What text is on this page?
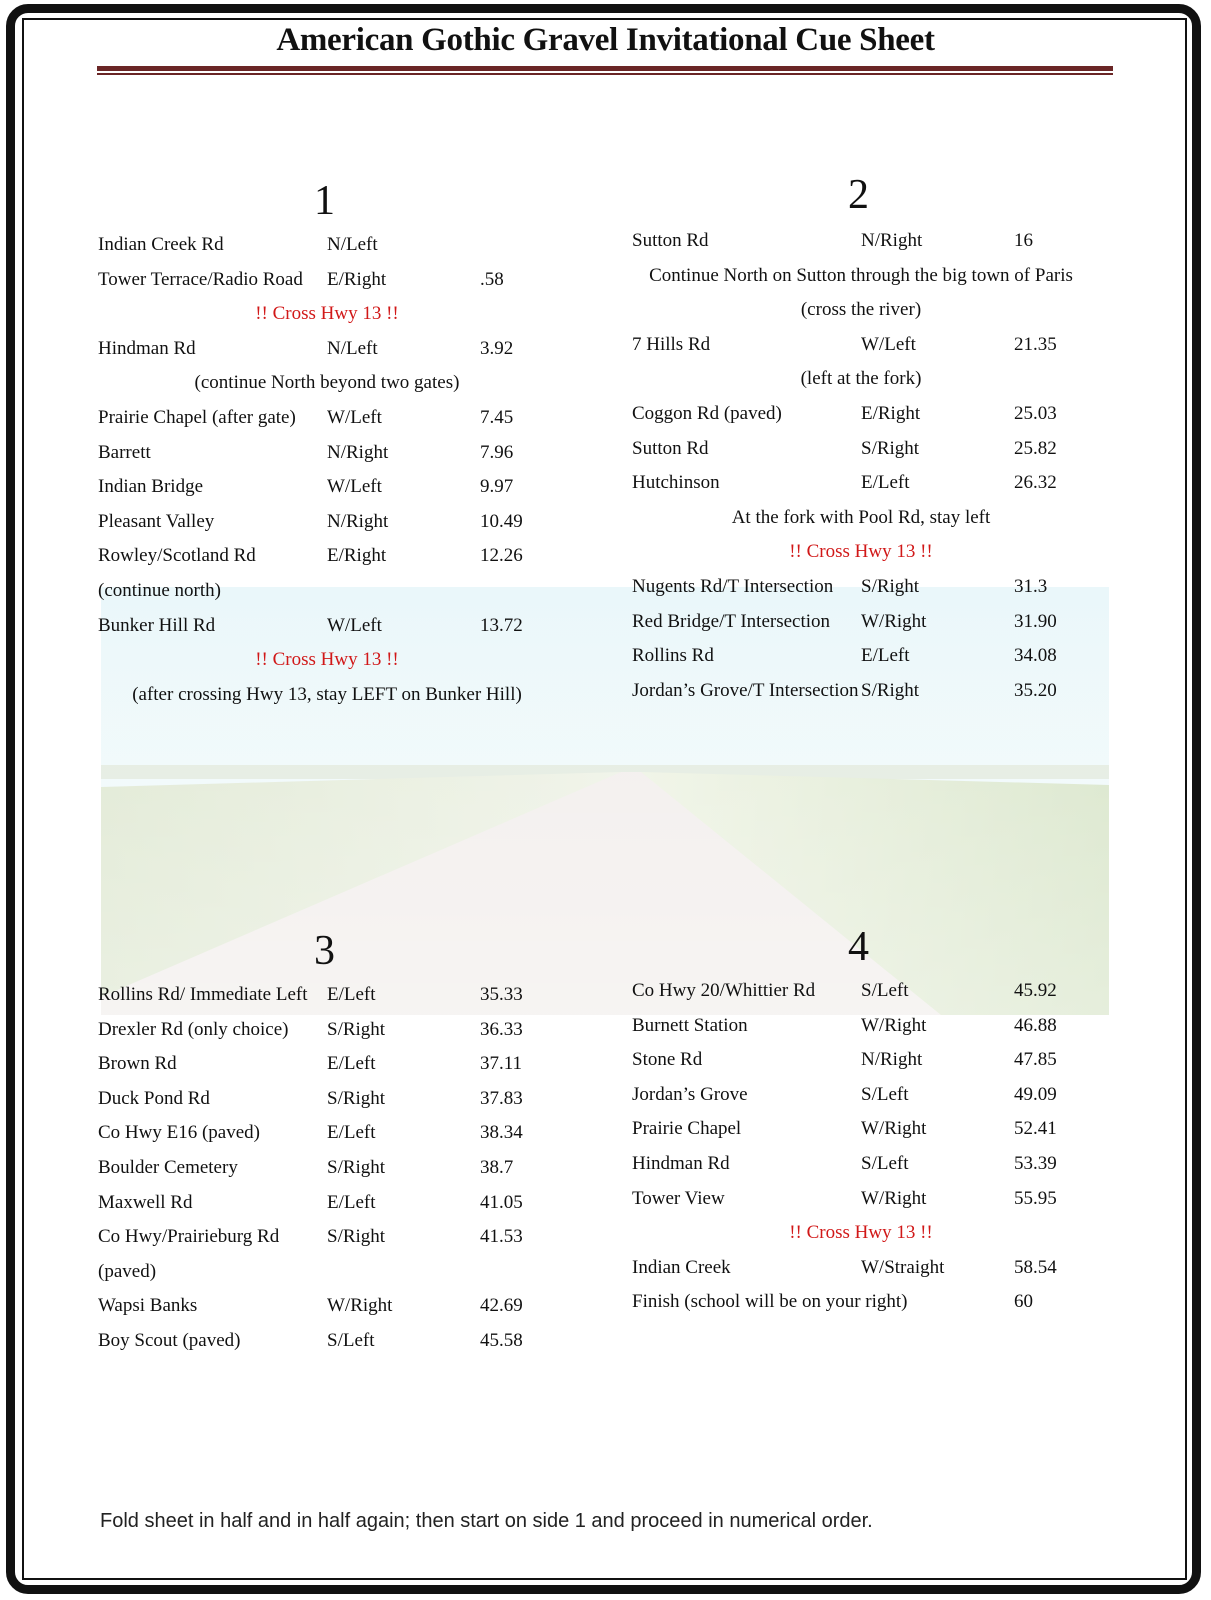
American Gothic Gravel Invitational Cue Sheet
1
Indian Creek Rd	N/Left
Tower Terrace/Radio Road E/Right	.58
!! Cross Hwy 13 !!
Hindman Rd	N/Left	3.92
(continue North beyond two gates)
Prairie Chapel (after gate) W/Left	7.45
Barrett	N/Right	7.96
Indian Bridge	W/Left	9.97
Pleasant Valley	N/Right	10.49
Rowley/Scotland Rd	E/Right	12.26
(continue north)
Bunker Hill Rd	W/Left	13.72
!! Cross Hwy 13 !!
(after crossing Hwy 13, stay LEFT on Bunker Hill)
2
Sutton Rd	N/Right	16
Continue North on Sutton through the big town of Paris
(cross the river)
7 Hills Rd	W/Left	21.35
(left at the fork)
Coggon Rd (paved)	E/Right	25.03
Sutton Rd	S/Right	25.82
Hutchinson	E/Left	26.32
At the fork with Pool Rd, stay left
!! Cross Hwy 13 !!
Nugents Rd/T Intersection S/Right	31.3
Red Bridge/T Intersection W/Right	31.90
Rollins Rd	E/Left	34.08
Jordan’s Grove/T Intersection S/Right	35.20
3
Rollins Rd/ Immediate Left E/Left	35.33
Drexler Rd (only choice) S/Right	36.33
Brown Rd	E/Left	37.11
Duck Pond Rd	S/Right	37.83
Co Hwy E16 (paved)	E/Left	38.34
Boulder Cemetery	S/Right	38.7
Maxwell Rd	E/Left	41.05
Co Hwy/Prairieburg Rd	S/Right	41.53
(paved)
Wapsi Banks	W/Right	42.69
Boy Scout (paved)	S/Left	45.58
4
Co Hwy 20/Whittier Rd S/Left	45.92
Burnett Station	W/Right	46.88
Stone Rd	N/Right	47.85
Jordan’s Grove	S/Left	49.09
Prairie Chapel	W/Right	52.41
Hindman Rd	S/Left	53.39
Tower View	W/Right	55.95
!! Cross Hwy 13 !!
Indian Creek	W/Straight	58.54
Finish (school will be on your right)	60
Fold sheet in half and in half again; then start on side 1 and proceed in numerical order.
